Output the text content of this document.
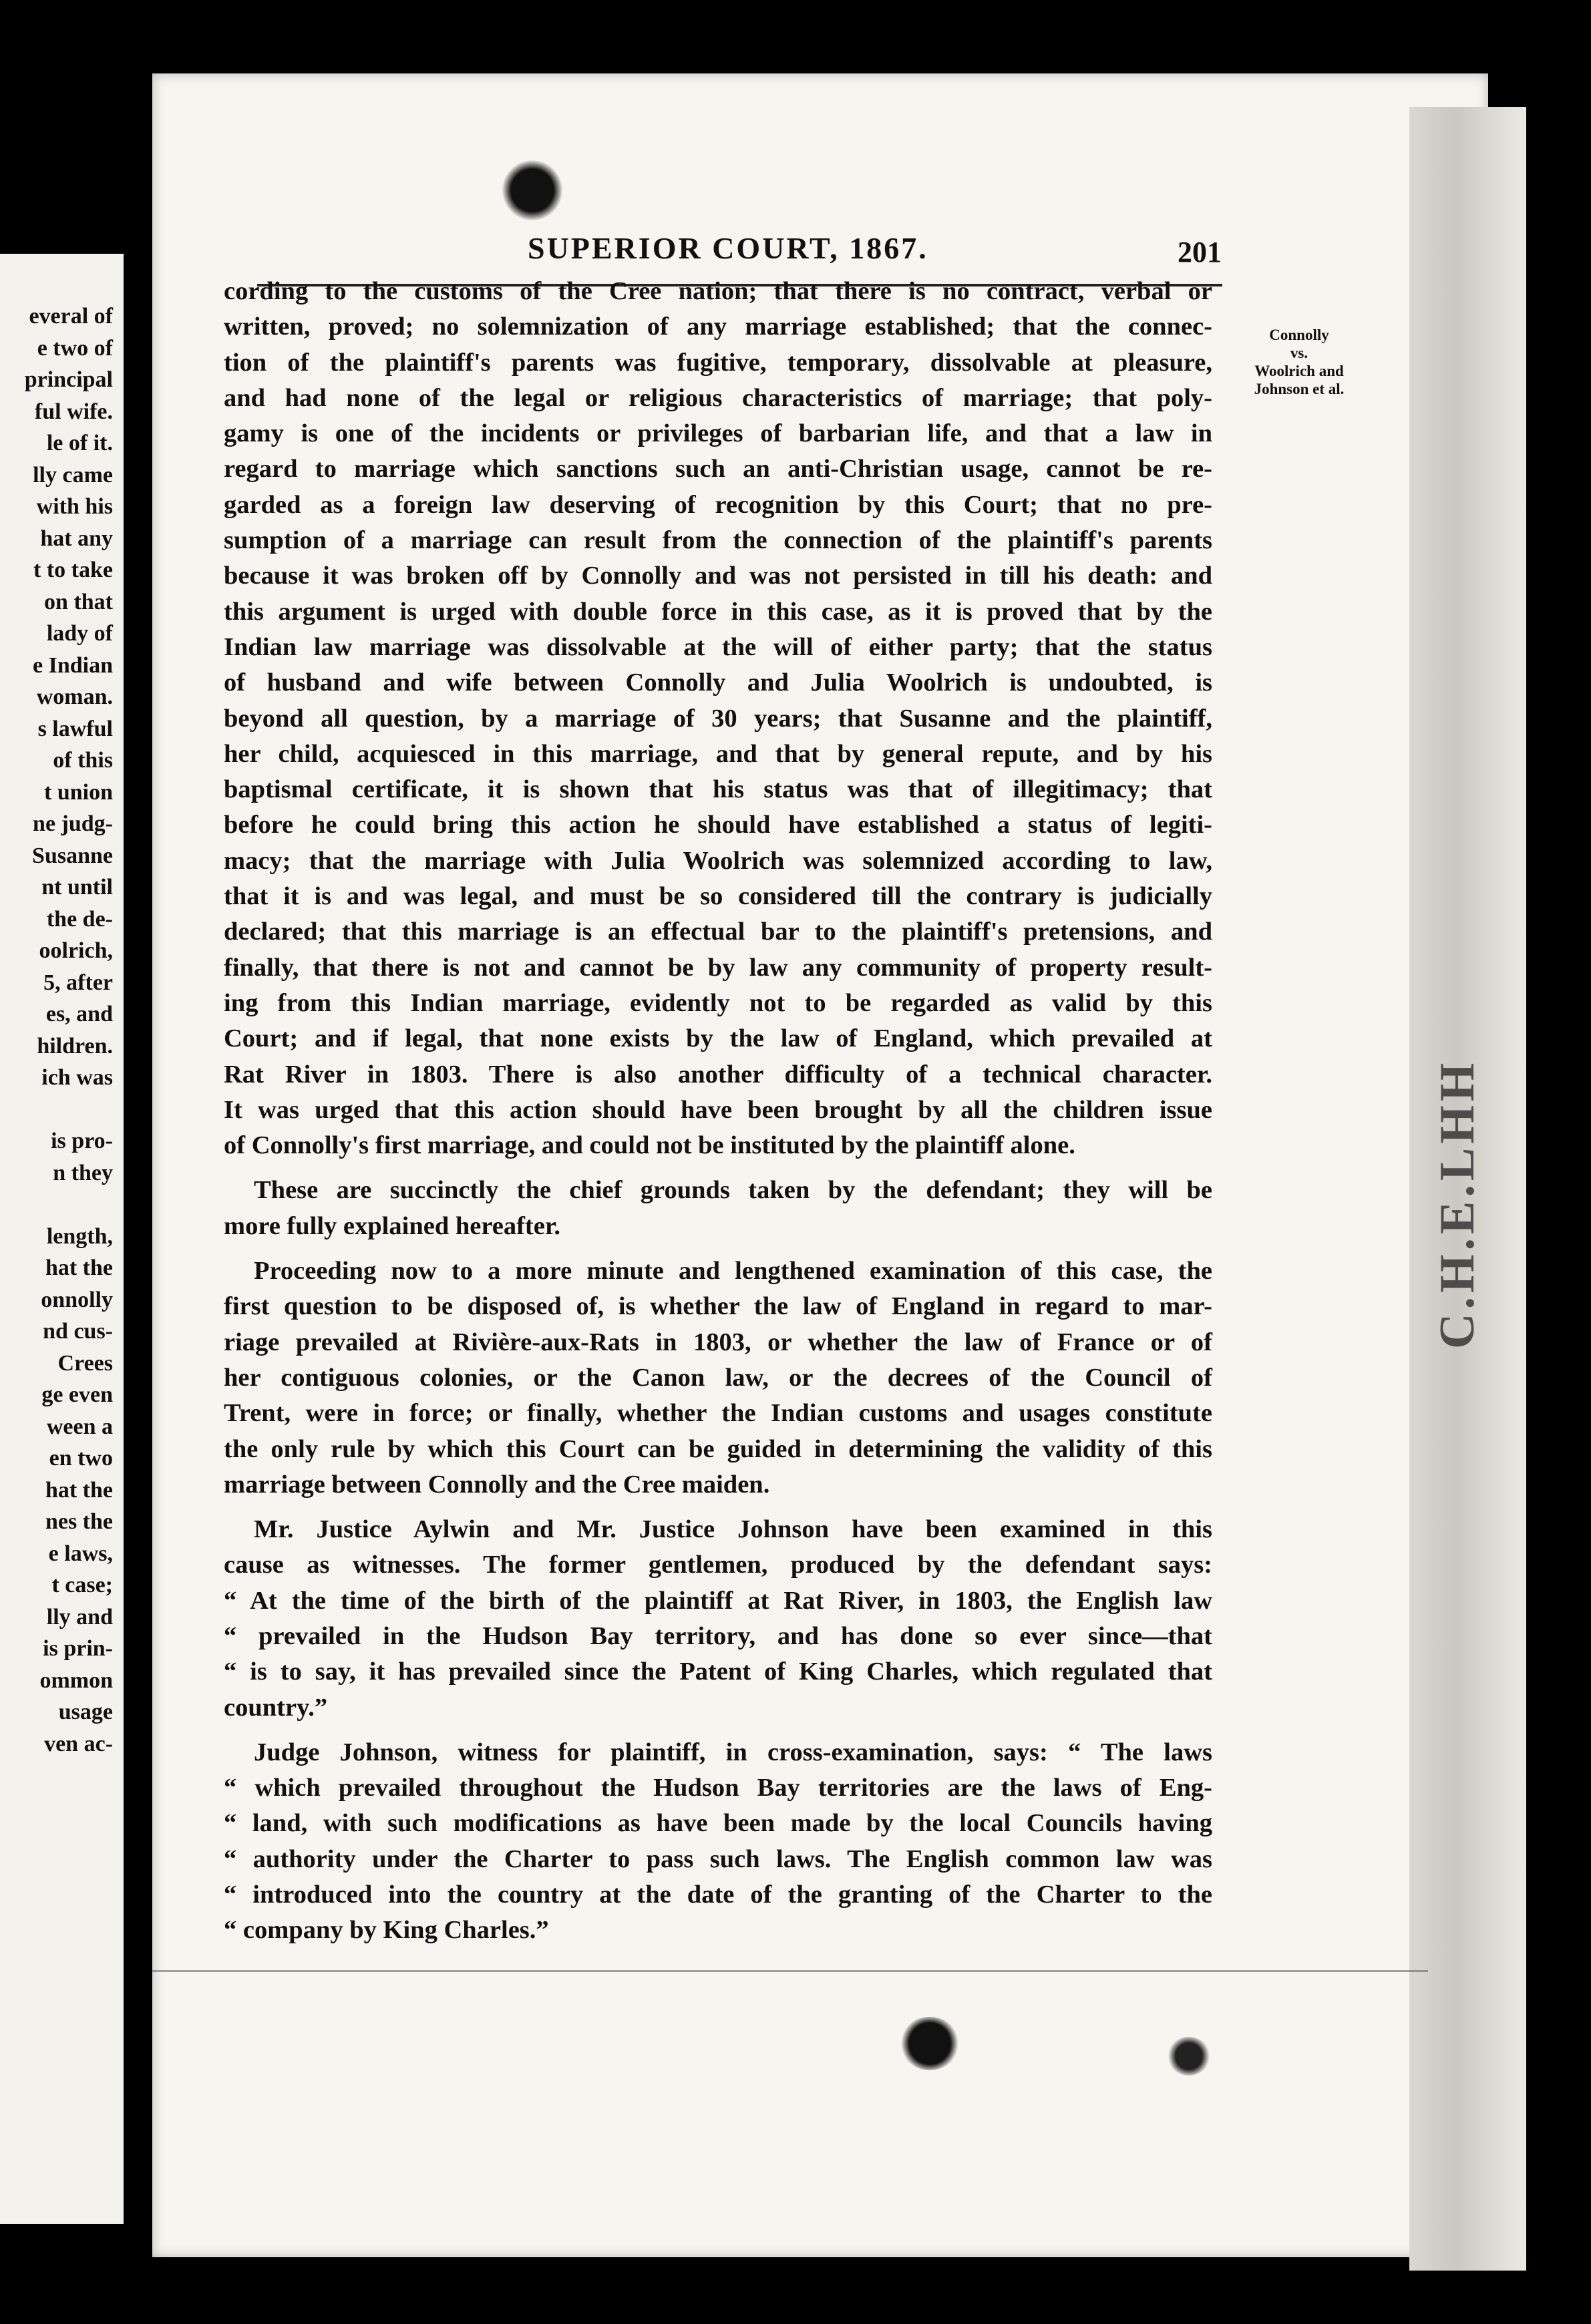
everal of
e two of
principal
ful wife.
le of it.
lly came
with his
hat any
t to take
on that
lady of
e Indian
woman.
s lawful
of this
t union
ne judg-
Susanne
nt until
the de-
oolrich,
5, after
es, and
hildren.
ich was
is pro-
n they
length,
hat the
onnolly
nd cus-
Crees
ge even
ween a
en two
hat the
nes the
e laws,
t case;
lly and
is prin-
ommon
usage
ven ac-
C.H.E.LHH
SUPERIOR COURT, 1867.	201
Connolly
vs.
Woolrich and
Johnson et al.
cording to the customs of the Cree nation; that there is no contract, verbal or
written, proved; no solemnization of any marriage established; that the connec-
tion of the plaintiff's parents was fugitive, temporary, dissolvable at pleasure,
and had none of the legal or religious characteristics of marriage; that poly-
gamy is one of the incidents or privileges of barbarian life, and that a law in
regard to marriage which sanctions such an anti-Christian usage, cannot be re-
garded as a foreign law deserving of recognition by this Court; that no pre-
sumption of a marriage can result from the connection of the plaintiff's parents
because it was broken off by Connolly and was not persisted in till his death: and
this argument is urged with double force in this case, as it is proved that by the
Indian law marriage was dissolvable at the will of either party; that the status
of husband and wife between Connolly and Julia Woolrich is undoubted, is
beyond all question, by a marriage of 30 years; that Susanne and the plaintiff,
her child, acquiesced in this marriage, and that by general repute, and by his
baptismal certificate, it is shown that his status was that of illegitimacy; that
before he could bring this action he should have established a status of legiti-
macy; that the marriage with Julia Woolrich was solemnized according to law,
that it is and was legal, and must be so considered till the contrary is judicially
declared; that this marriage is an effectual bar to the plaintiff's pretensions, and
finally, that there is not and cannot be by law any community of property result-
ing from this Indian marriage, evidently not to be regarded as valid by this
Court; and if legal, that none exists by the law of England, which prevailed at
Rat River in 1803. There is also another difficulty of a technical character.
It was urged that this action should have been brought by all the children issue
of Connolly's first marriage, and could not be instituted by the plaintiff alone.
These are succinctly the chief grounds taken by the defendant; they will be
more fully explained hereafter.
Proceeding now to a more minute and lengthened examination of this case, the
first question to be disposed of, is whether the law of England in regard to mar-
riage prevailed at Rivière-aux-Rats in 1803, or whether the law of France or of
her contiguous colonies, or the Canon law, or the decrees of the Council of
Trent, were in force; or finally, whether the Indian customs and usages constitute
the only rule by which this Court can be guided in determining the validity of this
marriage between Connolly and the Cree maiden.
Mr. Justice Aylwin and Mr. Justice Johnson have been examined in this
cause as witnesses. The former gentlemen, produced by the defendant says:
“ At the time of the birth of the plaintiff at Rat River, in 1803, the English law
“ prevailed in the Hudson Bay territory, and has done so ever since—that
“ is to say, it has prevailed since the Patent of King Charles, which regulated that
country.”
Judge Johnson, witness for plaintiff, in cross-examination, says: “ The laws
“ which prevailed throughout the Hudson Bay territories are the laws of Eng-
“ land, with such modifications as have been made by the local Councils having
“ authority under the Charter to pass such laws. The English common law was
“ introduced into the country at the date of the granting of the Charter to the
“ company by King Charles.”
